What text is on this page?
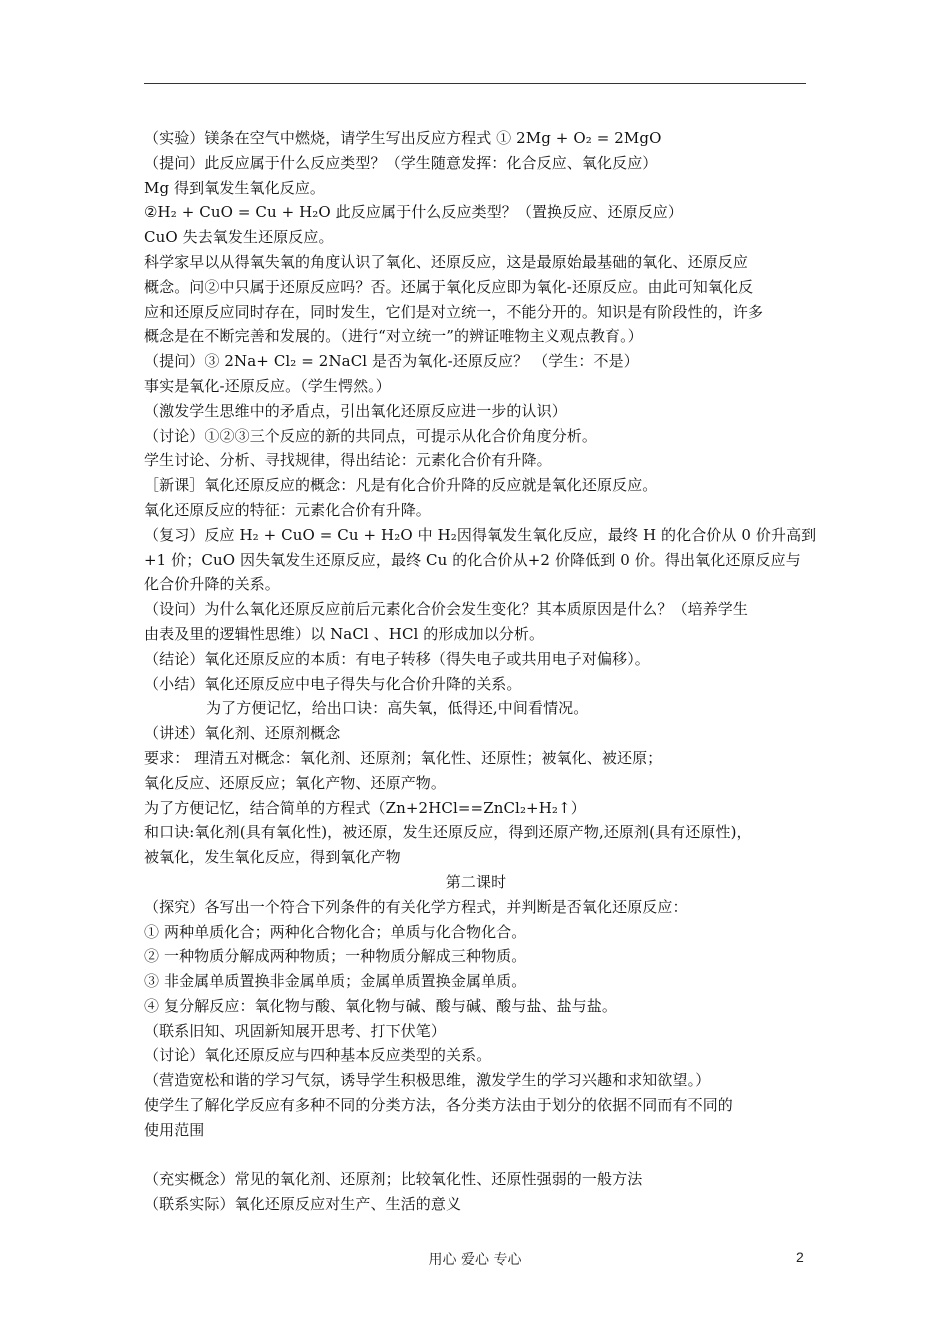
（实验）镁条在空气中燃烧，请学生写出反应方程式 ① 2Mg + O₂ = 2MgO
（提问）此反应属于什么反应类型？（学生随意发挥：化合反应、氧化反应）
Mg 得到氧发生氧化反应。
②H₂ + CuO = Cu + H₂O 此反应属于什么反应类型？（置换反应、还原反应）
CuO 失去氧发生还原反应。
科学家早以从得氧失氧的角度认识了氧化、还原反应，这是最原始最基础的氧化、还原反应
概念。问②中只属于还原反应吗？否。还属于氧化反应即为氧化-还原反应。由此可知氧化反
应和还原反应同时存在，同时发生，它们是对立统一，不能分开的。知识是有阶段性的，许多
概念是在不断完善和发展的。（进行“对立统一”的辨证唯物主义观点教育。）
（提问）③ 2Na+ Cl₂ = 2NaCl 是否为氧化-还原反应？ （学生：不是）
事实是氧化-还原反应。（学生愕然。）
（激发学生思维中的矛盾点，引出氧化还原反应进一步的认识）
（讨论）①②③三个反应的新的共同点，可提示从化合价角度分析。
学生讨论、分析、寻找规律，得出结论：元素化合价有升降。
［新课］氧化还原反应的概念：凡是有化合价升降的反应就是氧化还原反应。
氧化还原反应的特征：元素化合价有升降。
（复习）反应 H₂ + CuO = Cu + H₂O 中 H₂因得氧发生氧化反应，最终 H 的化合价从 0 价升高到
+1 价；CuO 因失氧发生还原反应，最终 Cu 的化合价从+2 价降低到 0 价。得出氧化还原反应与
化合价升降的关系。
（设问）为什么氧化还原反应前后元素化合价会发生变化？其本质原因是什么？（培养学生
由表及里的逻辑性思维）以 NaCl 、HCl 的形成加以分析。
（结论）氧化还原反应的本质：有电子转移（得失电子或共用电子对偏移）。
（小结）氧化还原反应中电子得失与化合价升降的关系。
为了方便记忆，给出口诀：高失氧，低得还,中间看情况。
（讲述）氧化剂、还原剂概念
要求： 理清五对概念：氧化剂、还原剂；氧化性、还原性；被氧化、被还原；
氧化反应、还原反应；氧化产物、还原产物。
为了方便记忆，结合简单的方程式（Zn+2HCl==ZnCl₂+H₂↑）
和口诀:氧化剂(具有氧化性)，被还原，发生还原反应，得到还原产物,还原剂(具有还原性)，
被氧化，发生氧化反应，得到氧化产物
第二课时
（探究）各写出一个符合下列条件的有关化学方程式，并判断是否氧化还原反应：
① 两种单质化合；两种化合物化合；单质与化合物化合。
② 一种物质分解成两种物质；一种物质分解成三种物质。
③ 非金属单质置换非金属单质；金属单质置换金属单质。
④ 复分解反应：氧化物与酸、氧化物与碱、酸与碱、酸与盐、盐与盐。
（联系旧知、巩固新知展开思考、打下伏笔）
（讨论）氧化还原反应与四种基本反应类型的关系。
（营造宽松和谐的学习气氛，诱导学生积极思维，激发学生的学习兴趣和求知欲望。）
使学生了解化学反应有多种不同的分类方法，各分类方法由于划分的依据不同而有不同的
使用范围
（充实概念）常见的氧化剂、还原剂；比较氧化性、还原性强弱的一般方法
（联系实际）氧化还原反应对生产、生活的意义
用心 爱心 专心	2
